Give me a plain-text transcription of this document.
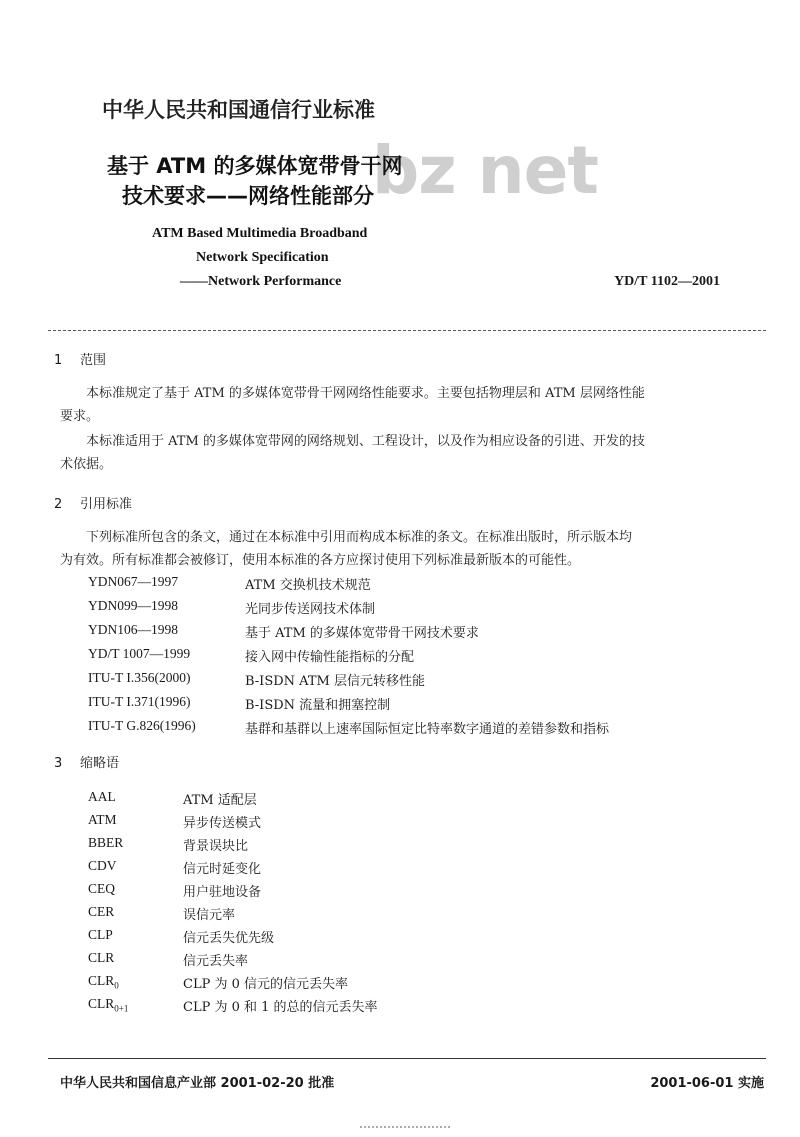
bz net
中华人民共和国通信行业标准
基于 ATM 的多媒体宽带骨干网
技术要求——网络性能部分
ATM Based Multimedia Broadband
Network Specification
——Network Performance	YD/T 1102—2001
1 范围
本标准规定了基于 ATM 的多媒体宽带骨干网网络性能要求。主要包括物理层和 ATM 层网络性能
要求。
本标准适用于 ATM 的多媒体宽带网的网络规划、工程设计，以及作为相应设备的引进、开发的技
术依据。
2 引用标准
下列标准所包含的条文，通过在本标准中引用而构成本标准的条文。在标准出版时，所示版本均
为有效。所有标准都会被修订，使用本标准的各方应探讨使用下列标准最新版本的可能性。
YDN067—1997	ATM 交换机技术规范
YDN099—1998	光同步传送网技术体制
YDN106—1998	基于 ATM 的多媒体宽带骨干网技术要求
YD/T 1007—1999	接入网中传输性能指标的分配
ITU-T I.356(2000)	B-ISDN ATM 层信元转移性能
ITU-T I.371(1996)	B-ISDN 流量和拥塞控制
ITU-T G.826(1996)	基群和基群以上速率国际恒定比特率数字通道的差错参数和指标
3 缩略语
AAL	ATM 适配层
ATM	异步传送模式
BBER	背景误块比
CDV	信元时延变化
CEQ	用户驻地设备
CER	误信元率
CLP	信元丢失优先级
CLR	信元丢失率
$CLR_0$	CLP 为 0 信元的信元丢失率
$CLR_{0+1}$	CLP 为 0 和 1 的总的信元丢失率
中华人民共和国信息产业部 2001-02-20 批准	2001-06-01 实施
